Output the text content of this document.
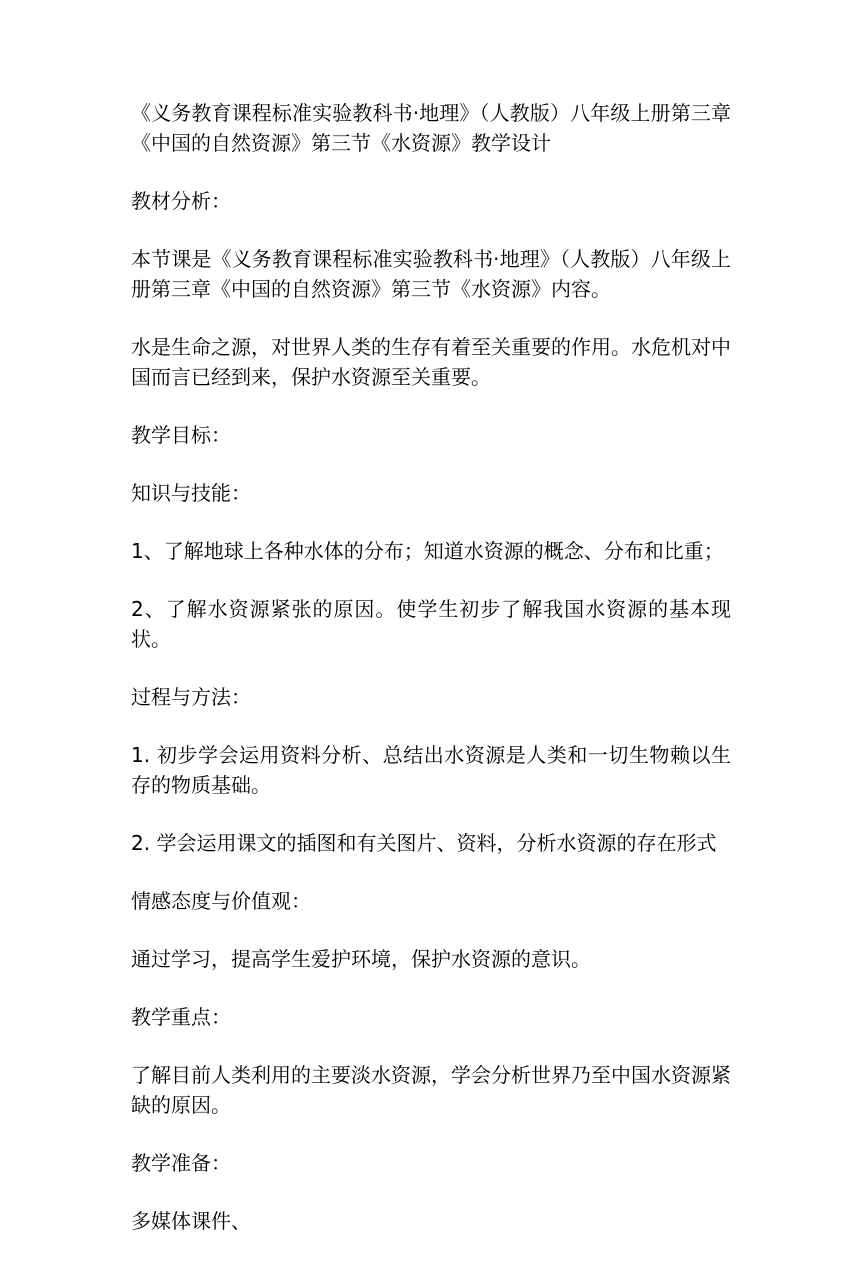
《义务教育课程标准实验教科书·地理》（人教版）八年级上册第三章《中国的自然资源》第三节《水资源》教学设计

教材分析：

本节课是《义务教育课程标准实验教科书·地理》（人教版）八年级上册第三章《中国的自然资源》第三节《水资源》内容。

水是生命之源，对世界人类的生存有着至关重要的作用。水危机对中国而言已经到来，保护水资源至关重要。

教学目标：

知识与技能：

1、了解地球上各种水体的分布；知道水资源的概念、分布和比重；

2、了解水资源紧张的原因。使学生初步了解我国水资源的基本现状。

过程与方法：

1. 初步学会运用资料分析、总结出水资源是人类和一切生物赖以生存的物质基础。

2. 学会运用课文的插图和有关图片、资料，分析水资源的存在形式

情感态度与价值观：

通过学习，提高学生爱护环境，保护水资源的意识。

教学重点：

了解目前人类利用的主要淡水资源，学会分析世界乃至中国水资源紧缺的原因。

教学准备：

多媒体课件、
